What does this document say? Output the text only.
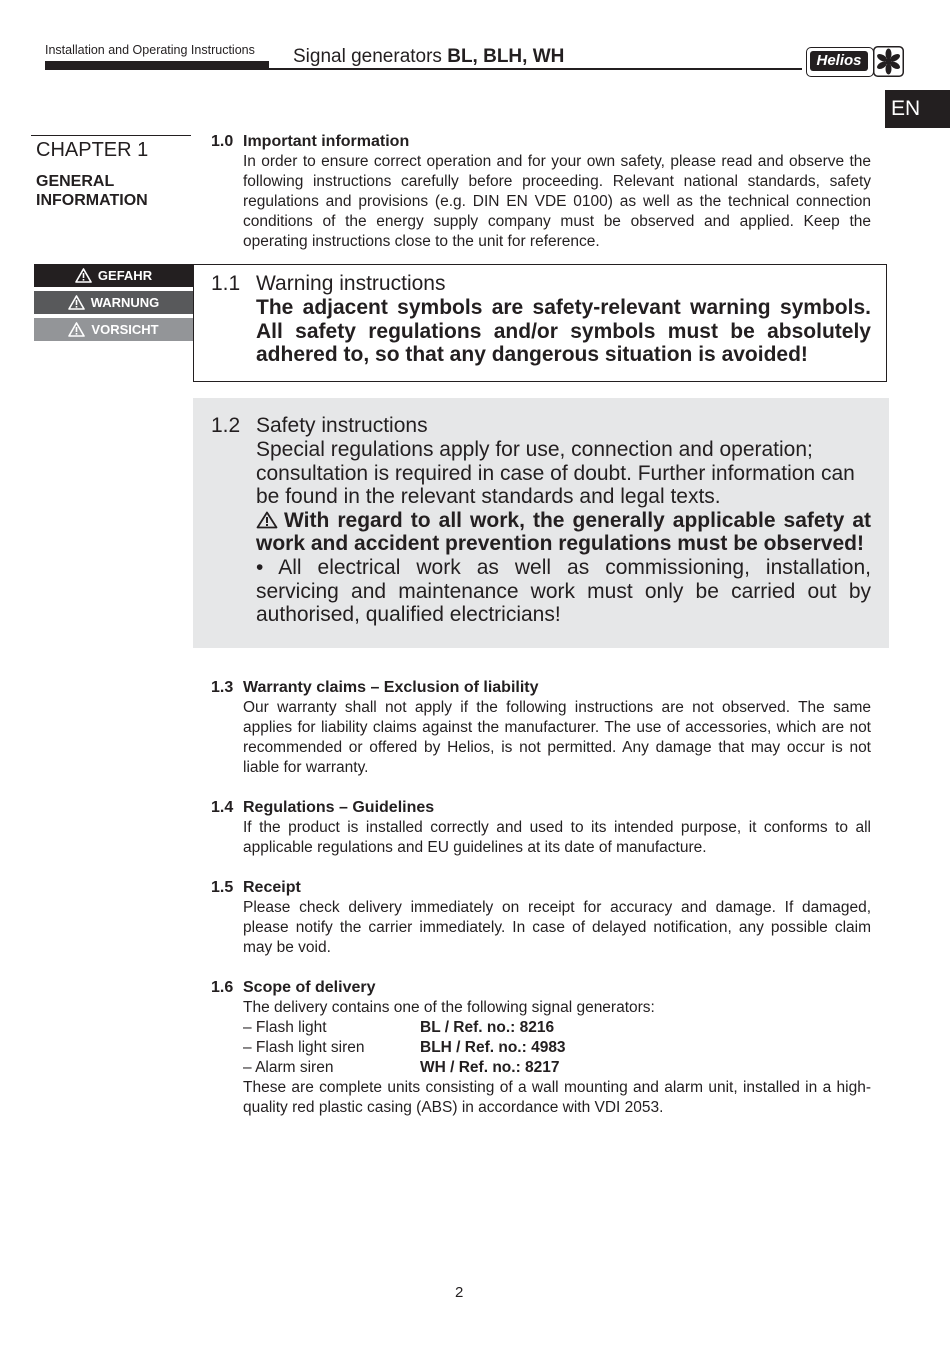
Installation and Operating Instructions Signal generators BL, BLH, WH	Helios
EN
CHAPTER 1
GENERAL
INFORMATION
GEFAHR
WARNUNG
VORSICHT
1.0 Important information
In order to ensure correct operation and for your own safety, please read and observe the following instructions carefully before proceeding. Relevant national standards, safety regulations and provisions (e.g. DIN EN VDE 0100) as well as the technical connection conditions of the energy supply company must be observed and applied. Keep the operating instructions close to the unit for reference.
1.1 Warning instructions
The adjacent symbols are safety-relevant warning symbols. All safety regulations and/or symbols must be absolutely adhered to, so that any dangerous situation is avoided!
1.2 Safety instructions
Special regulations apply for use, connection and operation; consultation is required in case of doubt. Further information can be found in the relevant standards and legal texts.
With regard to all work, the generally applicable safety at work and accident prevention regulations must be observed!
• All electrical work as well as commissioning, installation, servicing and maintenance work must only be carried out by authorised, qualified electricians!
1.3 Warranty claims – Exclusion of liability
Our warranty shall not apply if the following instructions are not observed. The same applies for liability claims against the manufacturer. The use of accessories, which are not recommended or offered by Helios, is not permitted. Any damage that may occur is not liable for warranty.
1.4 Regulations – Guidelines
If the product is installed correctly and used to its intended purpose, it conforms to all applicable regulations and EU guidelines at its date of manufacture.
1.5 Receipt
Please check delivery immediately on receipt for accuracy and damage. If damaged, please notify the carrier immediately. In case of delayed notification, any possible claim may be void.
1.6 Scope of delivery
The delivery contains one of the following signal generators:
– Flash light	BL / Ref. no.: 8216
– Flash light siren	BLH / Ref. no.: 4983
– Alarm siren	WH / Ref. no.: 8217
These are complete units consisting of a wall mounting and alarm unit, installed in a high-quality red plastic casing (ABS) in accordance with VDI 2053.
2
